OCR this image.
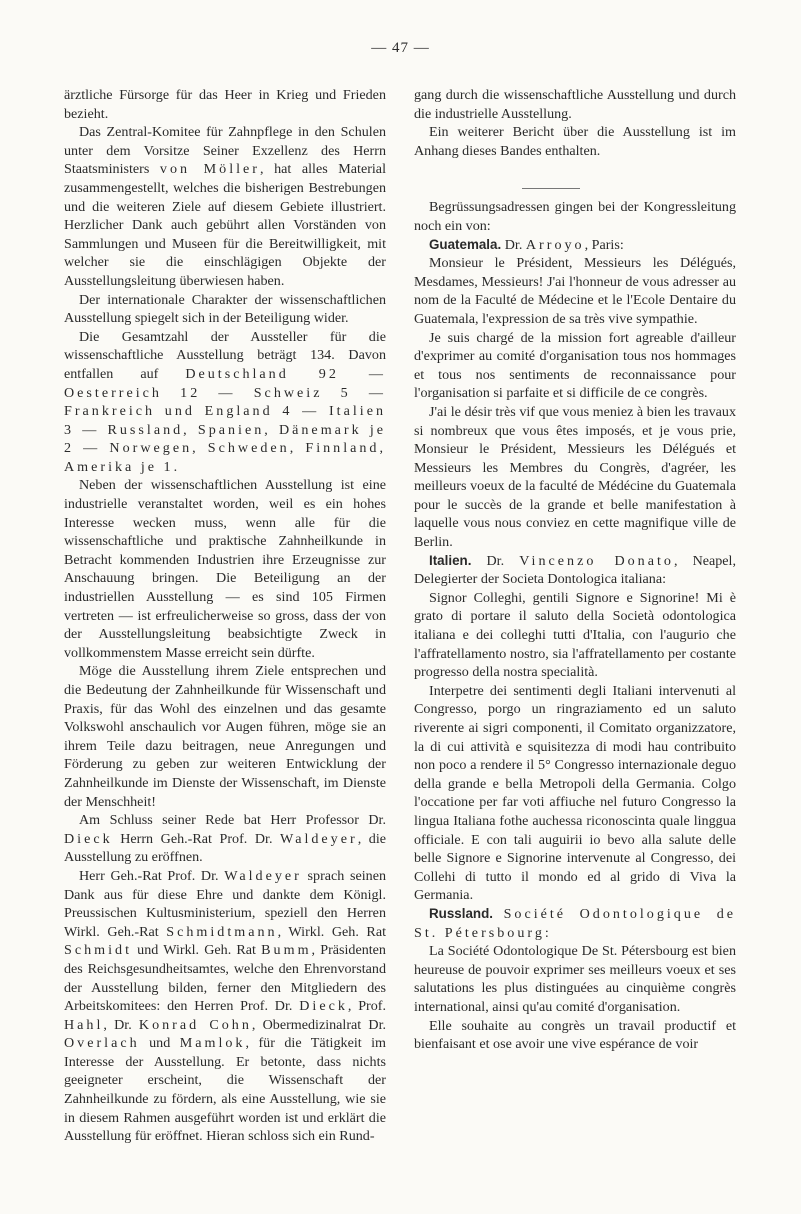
— 47 —

ärztliche Fürsorge für das Heer in Krieg und Frieden bezieht.

Das Zentral-Komitee für Zahnpflege in den Schulen unter dem Vorsitze Seiner Exzellenz des Herrn Staatsministers von Möller, hat alles Material zusammengestellt, welches die bisherigen Bestrebungen und die weiteren Ziele auf diesem Gebiete illustriert. Herzlicher Dank auch gebührt allen Vorständen von Sammlungen und Museen für die Bereitwilligkeit, mit welcher sie die einschlägigen Objekte der Ausstellungsleitung überwiesen haben.

Der internationale Charakter der wissenschaftlichen Ausstellung spiegelt sich in der Beteiligung wider.

Die Gesamtzahl der Aussteller für die wissenschaftliche Ausstellung beträgt 134. Davon entfallen auf Deutschland 92 — Oesterreich 12 — Schweiz 5 — Frankreich und England 4 — Italien 3 — Russland, Spanien, Dänemark je 2 — Norwegen, Schweden, Finnland, Amerika je 1.

Neben der wissenschaftlichen Ausstellung ist eine industrielle veranstaltet worden, weil es ein hohes Interesse wecken muss, wenn alle für die wissenschaftliche und praktische Zahnheilkunde in Betracht kommenden Industrien ihre Erzeugnisse zur Anschauung bringen. Die Beteiligung an der industriellen Ausstellung — es sind 105 Firmen vertreten — ist erfreulicherweise so gross, dass der von der Ausstellungsleitung beabsichtigte Zweck in vollkommenstem Masse erreicht sein dürfte.

Möge die Ausstellung ihrem Ziele entsprechen und die Bedeutung der Zahnheilkunde für Wissenschaft und Praxis, für das Wohl des einzelnen und das gesamte Volkswohl anschaulich vor Augen führen, möge sie an ihrem Teile dazu beitragen, neue Anregungen und Förderung zu geben zur weiteren Entwicklung der Zahnheilkunde im Dienste der Wissenschaft, im Dienste der Menschheit!

Am Schluss seiner Rede bat Herr Professor Dr. Dieck Herrn Geh.-Rat Prof. Dr. Waldeyer, die Ausstellung zu eröffnen.

Herr Geh.-Rat Prof. Dr. Waldeyer sprach seinen Dank aus für diese Ehre und dankte dem Königl. Preussischen Kultusministerium, speziell den Herren Wirkl. Geh.-Rat Schmidtmann, Wirkl. Geh. Rat Schmidt und Wirkl. Geh. Rat Bumm, Präsidenten des Reichsgesundheitsamtes, welche den Ehrenvorstand der Ausstellung bilden, ferner den Mitgliedern des Arbeitskomitees: den Herren Prof. Dr. Dieck, Prof. Hahl, Dr. Konrad Cohn, Obermedizinalrat Dr. Overlach und Mamlok, für die Tätigkeit im Interesse der Ausstellung. Er betonte, dass nichts geeigneter erscheint, die Wissenschaft der Zahnheilkunde zu fördern, als eine Ausstellung, wie sie in diesem Rahmen ausgeführt worden ist und erklärt die Ausstellung für eröffnet. Hieran schloss sich ein Rund-

gang durch die wissenschaftliche Ausstellung und durch die industrielle Ausstellung.

Ein weiterer Bericht über die Ausstellung ist im Anhang dieses Bandes enthalten.

Begrüssungsadressen gingen bei der Kongressleitung noch ein von:

Guatemala. Dr. Arroyo, Paris:

Monsieur le Président, Messieurs les Délégués, Mesdames, Messieurs! J'ai l'honneur de vous adresser au nom de la Faculté de Médecine et le l'Ecole Dentaire du Guatemala, l'expression de sa très vive sympathie.

Je suis chargé de la mission fort agreable d'ailleur d'exprimer au comité d'organisation tous nos hommages et tous nos sentiments de reconnaissance pour l'organisation si parfaite et si difficile de ce congrès.

J'ai le désir très vif que vous meniez à bien les travaux si nombreux que vous êtes imposés, et je vous prie, Monsieur le Président, Messieurs les Délégués et Messieurs les Membres du Congrès, d'agréer, les meilleurs voeux de la faculté de Médécine du Guatemala pour le succès de la grande et belle manifestation à laquelle vous nous conviez en cette magnifique ville de Berlin.

Italien. Dr. Vincenzo Donato, Neapel, Delegierter der Societa Dontologica italiana:

Signor Colleghi, gentili Signore e Signorine! Mi è grato di portare il saluto della Società odontologica italiana e dei colleghi tutti d'Italia, con l'augurio che l'affratellamento nostro, sia l'affratellamento per costante progresso della nostra specialità.

Interpetre dei sentimenti degli Italiani intervenuti al Congresso, porgo un ringraziamento ed un saluto riverente ai sigri componenti, il Comitato organizzatore, la di cui attività e squisitezza di modi hau contribuito non poco a rendere il 5° Congresso internazionale deguo della grande e bella Metropoli della Germania. Colgo l'occatione per far voti affiuche nel futuro Congresso la lingua Italiana fothe auchessa riconoscinta quale linggua officiale. E con tali auguirii io bevo alla salute delle belle Signore e Signorine intervenute al Congresso, dei Collehi di tutto il mondo ed al grido di Viva la Germania.

Russland. Société Odontologique de St. Pétersbourg:

La Société Odontologique De St. Pétersbourg est bien heureuse de pouvoir exprimer ses meilleurs voeux et ses salutations les plus distinguées au cinquième congrès international, ainsi qu'au comité d'organisation.

Elle souhaite au congrès un travail productif et bienfaisant et ose avoir une vive espérance de voir
